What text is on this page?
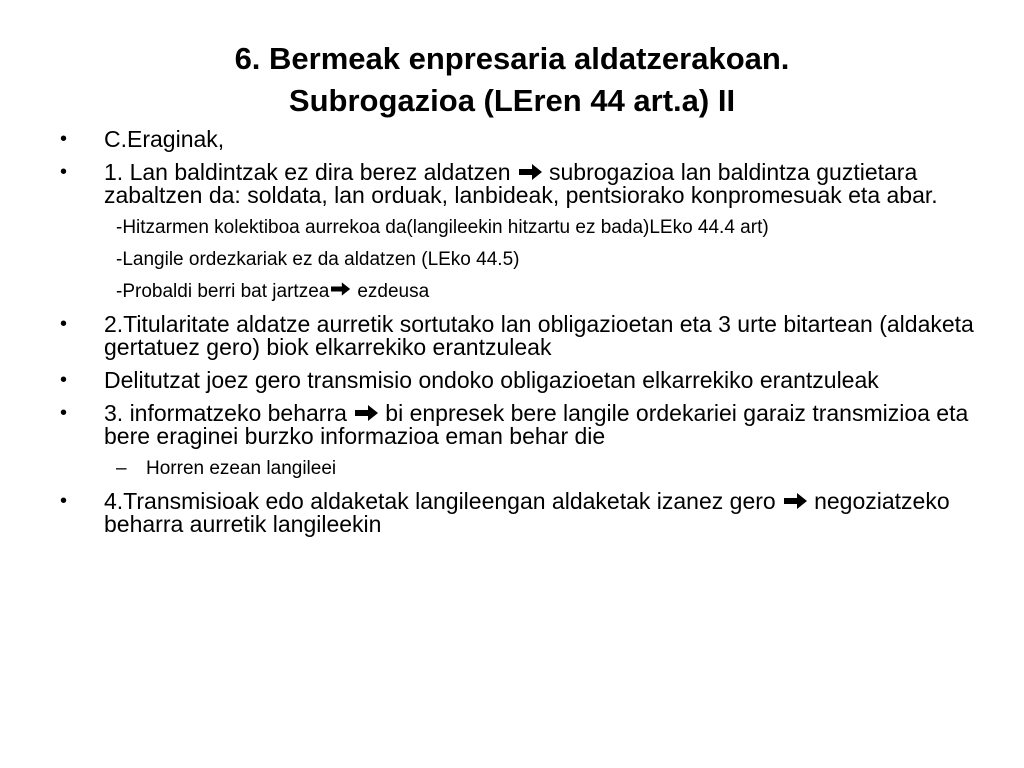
6. Bermeak enpresaria aldatzerakoan.
Subrogazioa (LEren 44 art.a) II
•	C.Eraginak,
•	1. Lan baldintzak ez dira berez aldatzen
subrogazioa lan baldintza guztietara zabaltzen da: soldata, lan orduak, lanbideak, pentsiorako konpromesuak eta abar.
-Hitzarmen kolektiboa aurrekoa da(langileekin hitzartu ez bada)LEko 44.4 art)
-Langile ordezkariak ez da aldatzen (LEko 44.5)
-Probaldi berri bat jartzea ezdeusa
•	2.Titularitate aldatze aurretik sortutako lan obligazioetan eta 3 urte bitartean (aldaketa gertatuez gero) biok elkarrekiko erantzuleak
•	Delitutzat joez gero transmisio ondoko obligazioetan elkarrekiko erantzuleak
•	3. informatzeko beharra
bi enpresek bere langile ordekariei garaiz transmizioa eta bere eraginei burzko informazioa eman behar die
–	Horren ezean langileei
•	4.Transmisioak edo aldaketak langileengan aldaketak izanez gero
negoziatzeko beharra aurretik langileekin
